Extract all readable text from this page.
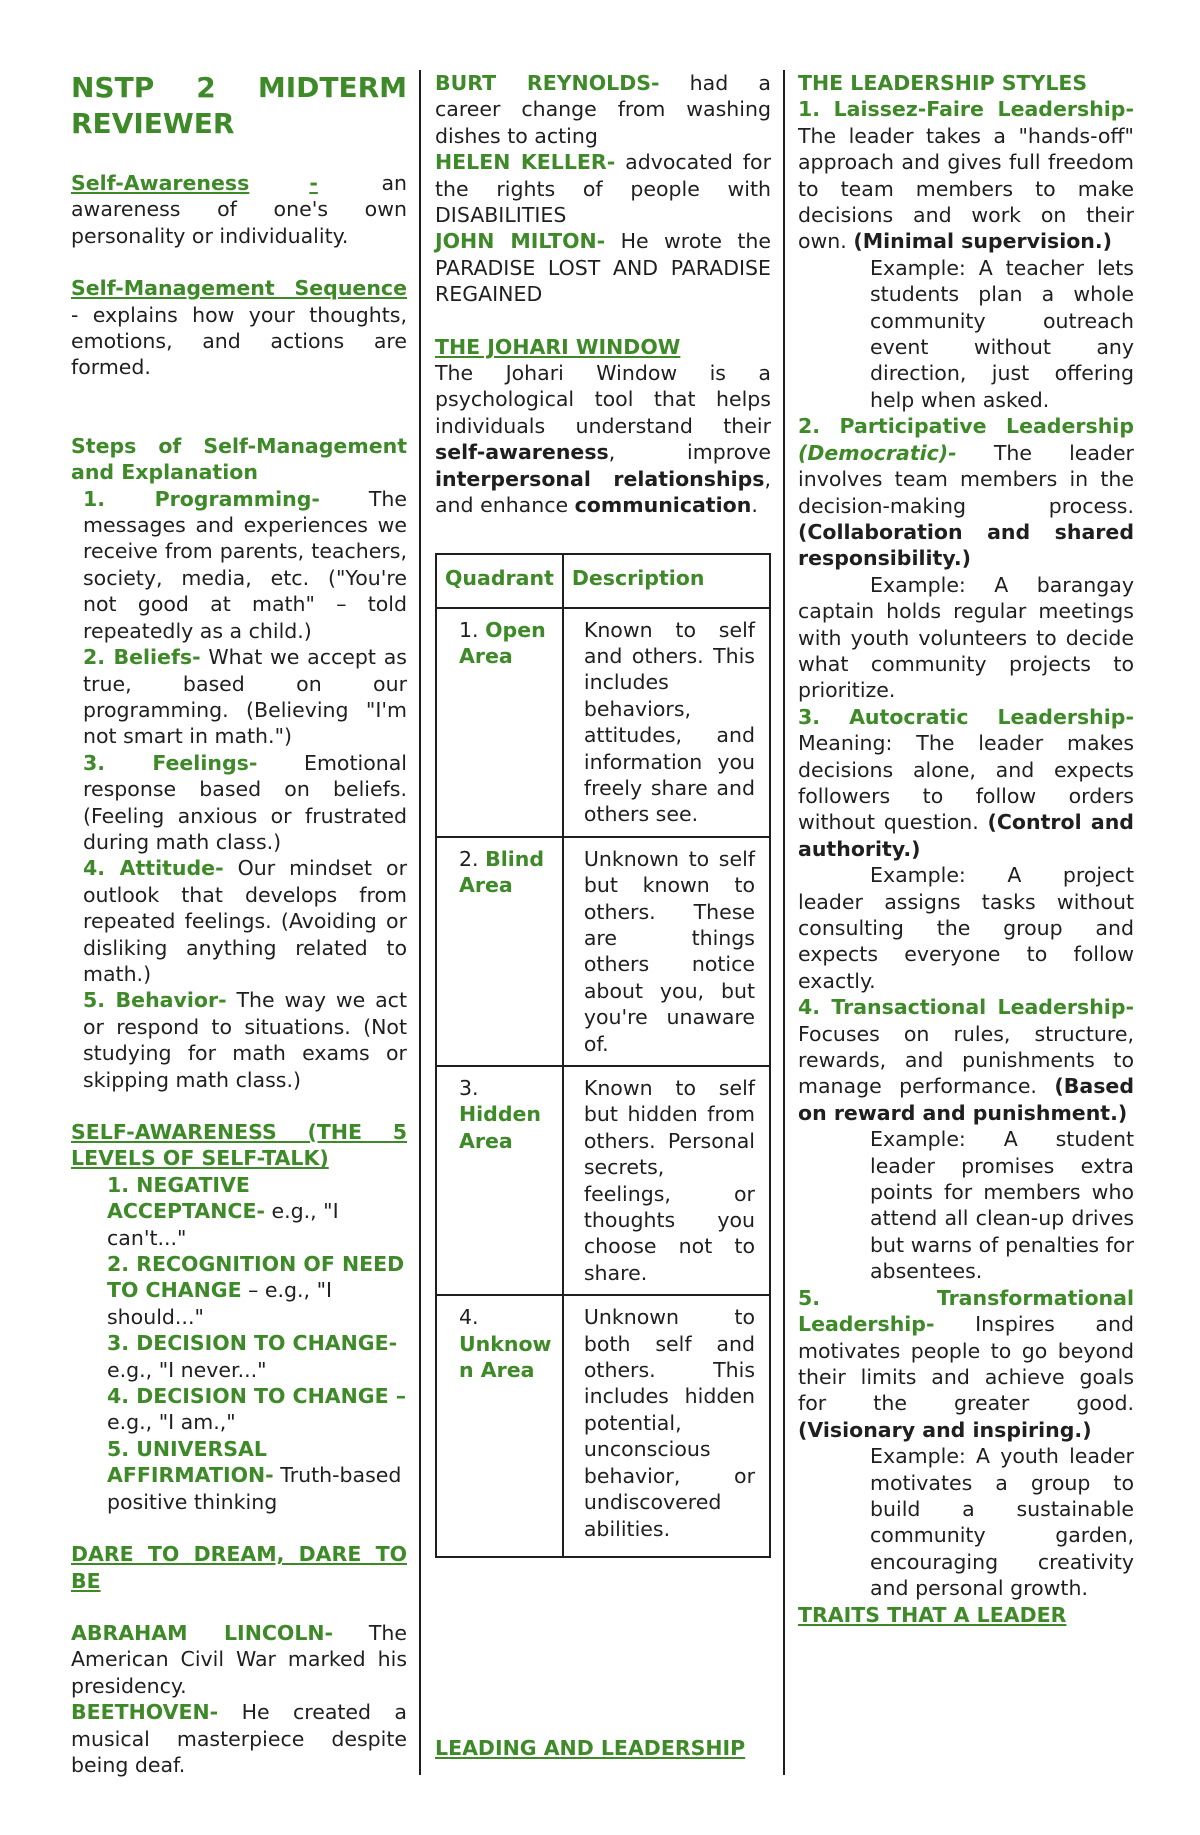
NSTP 2 MIDTERM
REVIEWER

Self-Awareness	- an awareness of one's own personality or individuality.

Self-Management Sequence - explains how your thoughts, emotions, and actions are formed.

Steps of Self-Management and Explanation

1. Programming- The messages and experiences we receive from parents, teachers, society, media, etc. ("You're not good at math" – told repeatedly as a child.)

2. Beliefs- What we accept as true, based on our programming. (Believing "I'm not smart in math.")

3. Feelings- Emotional response based on beliefs. (Feeling anxious or frustrated during math class.)

4. Attitude- Our mindset or outlook that develops from repeated feelings. (Avoiding or disliking anything related to math.)

5. Behavior- The way we act or respond to situations. (Not studying for math exams or skipping math class.)

SELF-AWARENESS (THE 5 LEVELS OF SELF-TALK)

1. NEGATIVE ACCEPTANCE- e.g., "I can't..."

2. RECOGNITION OF NEED TO CHANGE – e.g., "I should..."

3. DECISION TO CHANGE- e.g., "I never..."

4. DECISION TO CHANGE – e.g., "I am.,"

5. UNIVERSAL AFFIRMATION- Truth-based positive thinking

DARE TO DREAM, DARE TO BE

ABRAHAM LINCOLN- The American Civil War marked his presidency.

BEETHOVEN- He created a musical masterpiece despite being deaf.

BURT REYNOLDS- had a career change from washing dishes to acting

HELEN KELLER- advocated for the rights of people with DISABILITIES

JOHN MILTON- He wrote the PARADISE LOST AND PARADISE REGAINED

THE JOHARI WINDOW

The Johari Window is a psychological tool that helps individuals understand their self-awareness, improve interpersonal relationships, and enhance communication.

Quadrant	Description
1. Open Area	Known to self and others. This includes behaviors, attitudes, and information you freely share and others see.
2. Blind Area	Unknown to self but known to others. These are things others notice about you, but you're unaware of.
3.
Hidden Area	Known to self but hidden from others. Personal secrets, feelings, or thoughts you choose not to share.
4.
Unknown Area	Unknown to both self and others. This includes hidden potential, unconscious behavior, or undiscovered abilities.

LEADING AND LEADERSHIP

THE LEADERSHIP STYLES

1. Laissez-Faire Leadership- The leader takes a "hands-off" approach and gives full freedom to team members to make decisions and work on their own. (Minimal supervision.)

Example: A teacher lets students plan a whole community outreach event without any direction, just offering help when asked.

2. Participative Leadership (Democratic)- The leader involves team members in the decision-making process. (Collaboration and shared responsibility.)

Example: A barangay captain holds regular meetings with youth volunteers to decide what community projects to prioritize.

3. Autocratic Leadership- Meaning: The leader makes decisions alone, and expects followers to follow orders without question. (Control and authority.)

Example: A project leader assigns tasks without consulting the group and expects everyone to follow exactly.

4. Transactional Leadership- Focuses on rules, structure, rewards, and punishments to manage performance. (Based on reward and punishment.)

Example: A student leader promises extra points for members who attend all clean-up drives but warns of penalties for absentees.

5. Transformational Leadership- Inspires and motivates people to go beyond their limits and achieve goals for the greater good. (Visionary and inspiring.)

Example: A youth leader motivates a group to build a sustainable community garden, encouraging creativity and personal growth.

TRAITS THAT A LEADER
